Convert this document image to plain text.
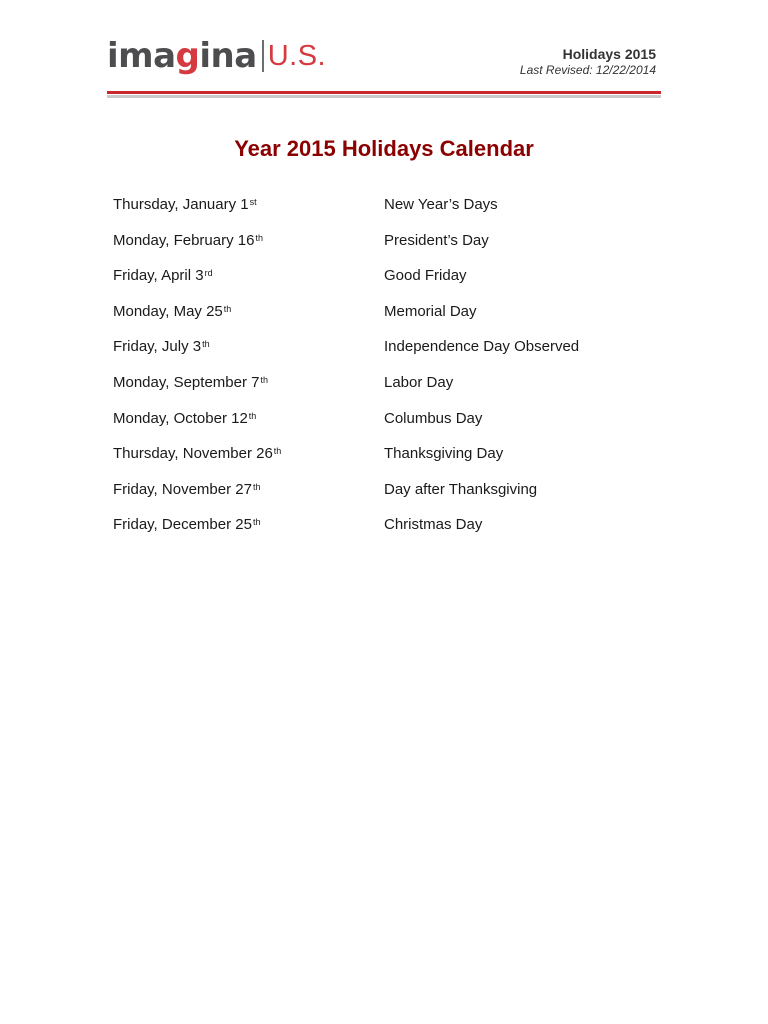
imagina U.S.	Holidays 2015
Last Revised: 12/22/2014
Year 2015 Holidays Calendar
Thursday, January 1st	New Year’s Days
Monday, February 16th	President’s Day
Friday, April 3rd	Good Friday
Monday, May 25th	Memorial Day
Friday, July 3th	Independence Day Observed
Monday, September 7th	Labor Day
Monday, October 12th	Columbus Day
Thursday, November 26th	Thanksgiving Day
Friday, November 27th	Day after Thanksgiving
Friday, December 25th	Christmas Day
